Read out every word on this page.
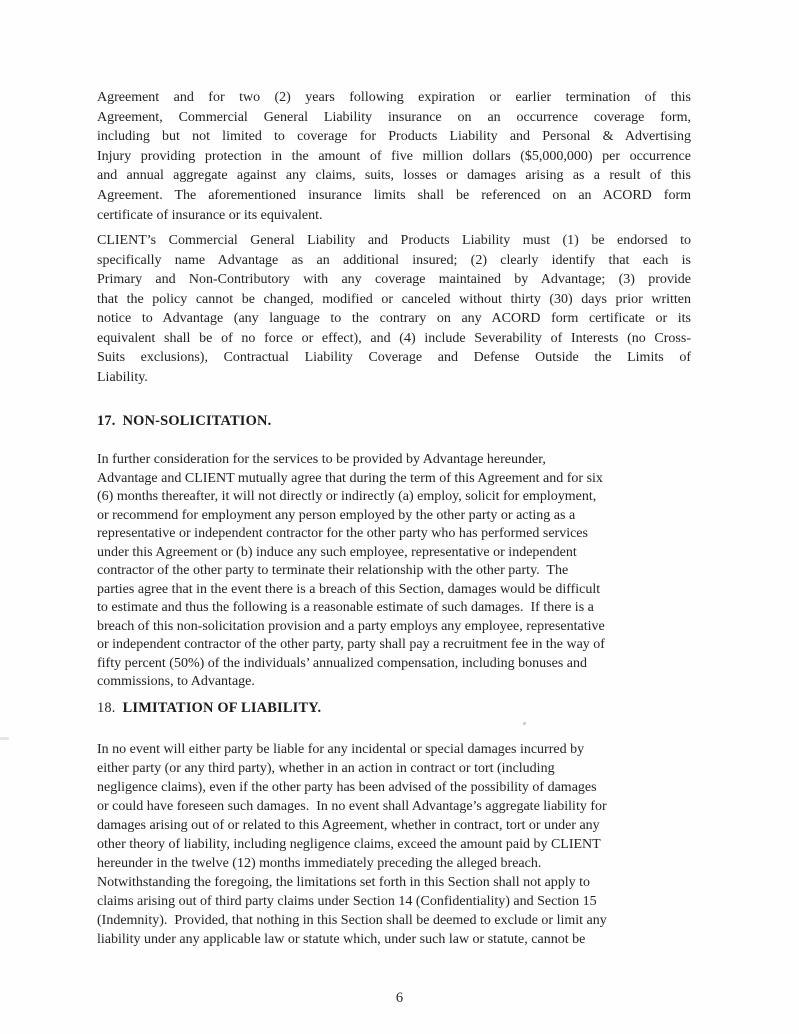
Agreement and for two (2) years following expiration or earlier termination of this
Agreement, Commercial General Liability insurance on an occurrence coverage form,
including but not limited to coverage for Products Liability and Personal & Advertising
Injury providing protection in the amount of five million dollars ($5,000,000) per occurrence
and annual aggregate against any claims, suits, losses or damages arising as a result of this
Agreement. The aforementioned insurance limits shall be referenced on an ACORD form
certificate of insurance or its equivalent.
CLIENT’s Commercial General Liability and Products Liability must (1) be endorsed to
specifically name Advantage as an additional insured; (2) clearly identify that each is
Primary and Non-Contributory with any coverage maintained by Advantage; (3) provide
that the policy cannot be changed, modified or canceled without thirty (30) days prior written
notice to Advantage (any language to the contrary on any ACORD form certificate or its
equivalent shall be of no force or effect), and (4) include Severability of Interests (no Cross-
Suits exclusions), Contractual Liability Coverage and Defense Outside the Limits of
Liability.
17. NON-SOLICITATION.
In further consideration for the services to be provided by Advantage hereunder,
Advantage and CLIENT mutually agree that during the term of this Agreement and for six
(6) months thereafter, it will not directly or indirectly (a) employ, solicit for employment,
or recommend for employment any person employed by the other party or acting as a
representative or independent contractor for the other party who has performed services
under this Agreement or (b) induce any such employee, representative or independent
contractor of the other party to terminate their relationship with the other party.  The
parties agree that in the event there is a breach of this Section, damages would be difficult
to estimate and thus the following is a reasonable estimate of such damages.  If there is a
breach of this non-solicitation provision and a party employs any employee, representative
or independent contractor of the other party, party shall pay a recruitment fee in the way of
fifty percent (50%) of the individuals’ annualized compensation, including bonuses and
commissions, to Advantage.
18. LIMITATION OF LIABILITY.
In no event will either party be liable for any incidental or special damages incurred by
either party (or any third party), whether in an action in contract or tort (including
negligence claims), even if the other party has been advised of the possibility of damages
or could have foreseen such damages.  In no event shall Advantage’s aggregate liability for
damages arising out of or related to this Agreement, whether in contract, tort or under any
other theory of liability, including negligence claims, exceed the amount paid by CLIENT
hereunder in the twelve (12) months immediately preceding the alleged breach.
Notwithstanding the foregoing, the limitations set forth in this Section shall not apply to
claims arising out of third party claims under Section 14 (Confidentiality) and Section 15
(Indemnity).  Provided, that nothing in this Section shall be deemed to exclude or limit any
liability under any applicable law or statute which, under such law or statute, cannot be
6
